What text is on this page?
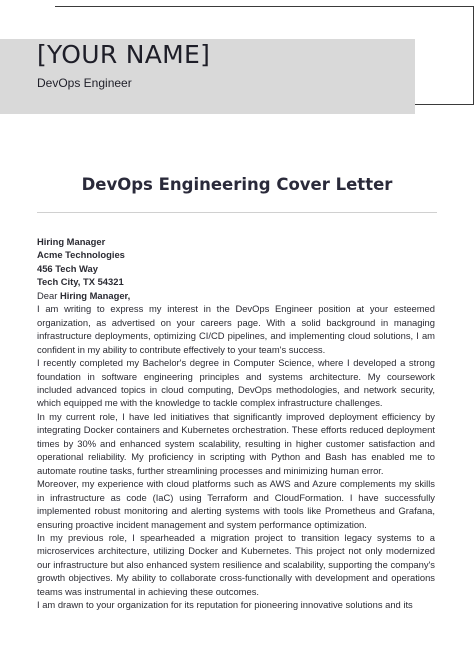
[YOUR NAME]
DevOps Engineer
DevOps Engineering Cover Letter
Hiring Manager
Acme Technologies
456 Tech Way
Tech City, TX 54321
Dear Hiring Manager,

I am writing to express my interest in the DevOps Engineer position at your esteemed organization, as advertised on your careers page. With a solid background in managing infrastructure deployments, optimizing CI/CD pipelines, and implementing cloud solutions, I am confident in my ability to contribute effectively to your team's success.

I recently completed my Bachelor's degree in Computer Science, where I developed a strong foundation in software engineering principles and systems architecture. My coursework included advanced topics in cloud computing, DevOps methodologies, and network security, which equipped me with the knowledge to tackle complex infrastructure challenges.

In my current role, I have led initiatives that significantly improved deployment efficiency by integrating Docker containers and Kubernetes orchestration. These efforts reduced deployment times by 30% and enhanced system scalability, resulting in higher customer satisfaction and operational reliability. My proficiency in scripting with Python and Bash has enabled me to automate routine tasks, further streamlining processes and minimizing human error.

Moreover, my experience with cloud platforms such as AWS and Azure complements my skills in infrastructure as code (IaC) using Terraform and CloudFormation. I have successfully implemented robust monitoring and alerting systems with tools like Prometheus and Grafana, ensuring proactive incident management and system performance optimization.

In my previous role, I spearheaded a migration project to transition legacy systems to a microservices architecture, utilizing Docker and Kubernetes. This project not only modernized our infrastructure but also enhanced system resilience and scalability, supporting the company's growth objectives. My ability to collaborate cross-functionally with development and operations teams was instrumental in achieving these outcomes.

I am drawn to your organization for its reputation for pioneering innovative solutions and its
